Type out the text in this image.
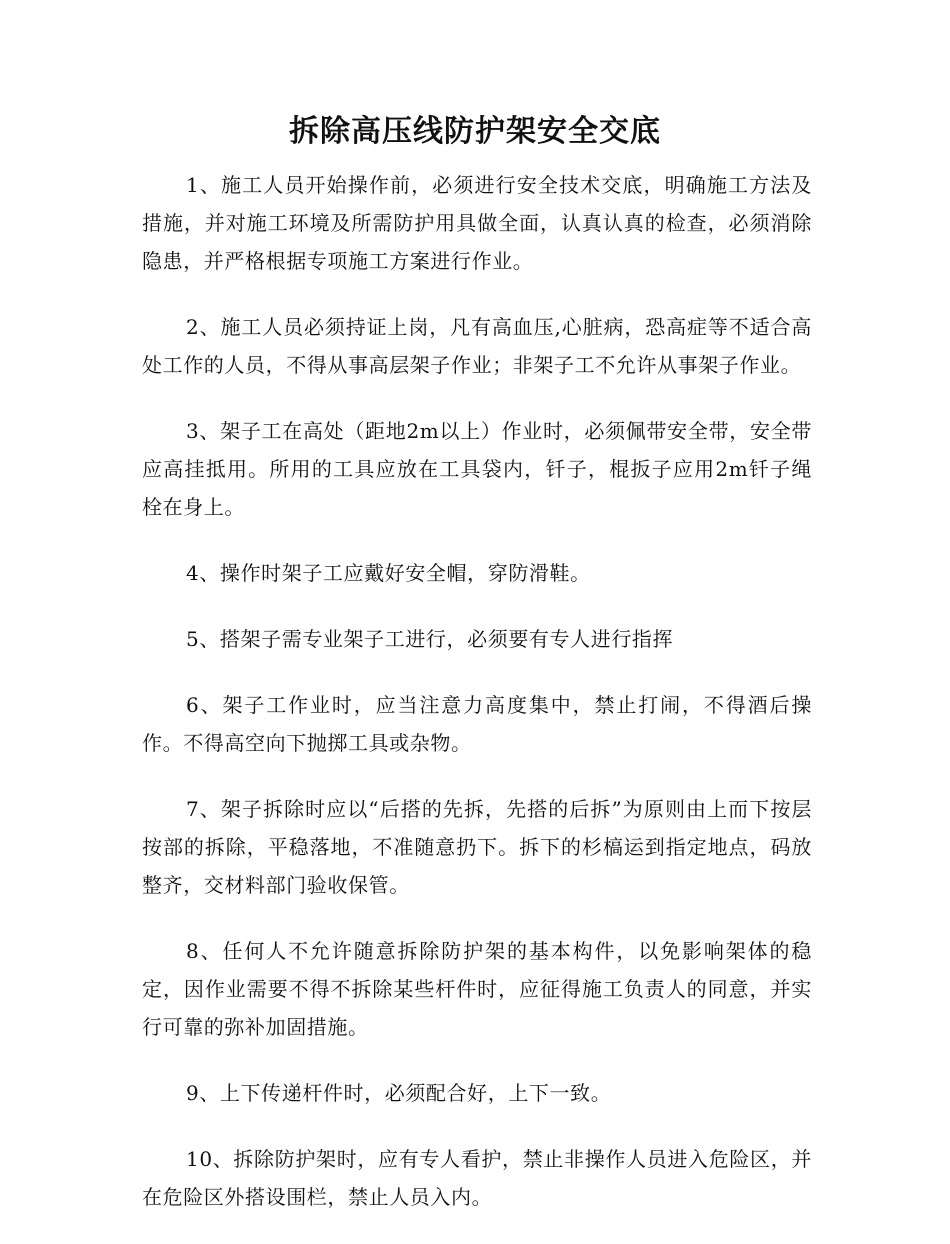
拆除高压线防护架安全交底

1、施工人员开始操作前，必须进行安全技术交底，明确施工方法及措施，并对施工环境及所需防护用具做全面，认真认真的检查，必须消除隐患，并严格根据专项施工方案进行作业。

2、施工人员必须持证上岗，凡有高血压,心脏病，恐高症等不适合高处工作的人员，不得从事高层架子作业；非架子工不允许从事架子作业。

3、架子工在高处（距地2m以上）作业时，必须佩带安全带，安全带应高挂抵用。所用的工具应放在工具袋内，钎子，棍扳子应用2m钎子绳栓在身上。

4、操作时架子工应戴好安全帽，穿防滑鞋。

5、搭架子需专业架子工进行，必须要有专人进行指挥

6、架子工作业时，应当注意力高度集中，禁止打闹，不得酒后操作。不得高空向下抛掷工具或杂物。

7、架子拆除时应以“后搭的先拆，先搭的后拆”为原则由上而下按层按部的拆除，平稳落地，不准随意扔下。拆下的杉槁运到指定地点，码放整齐，交材料部门验收保管。

8、任何人不允许随意拆除防护架的基本构件，以免影响架体的稳定，因作业需要不得不拆除某些杆件时，应征得施工负责人的同意，并实行可靠的弥补加固措施。

9、上下传递杆件时，必须配合好，上下一致。

10、拆除防护架时，应有专人看护，禁止非操作人员进入危险区，并在危险区外搭设围栏，禁止人员入内。
